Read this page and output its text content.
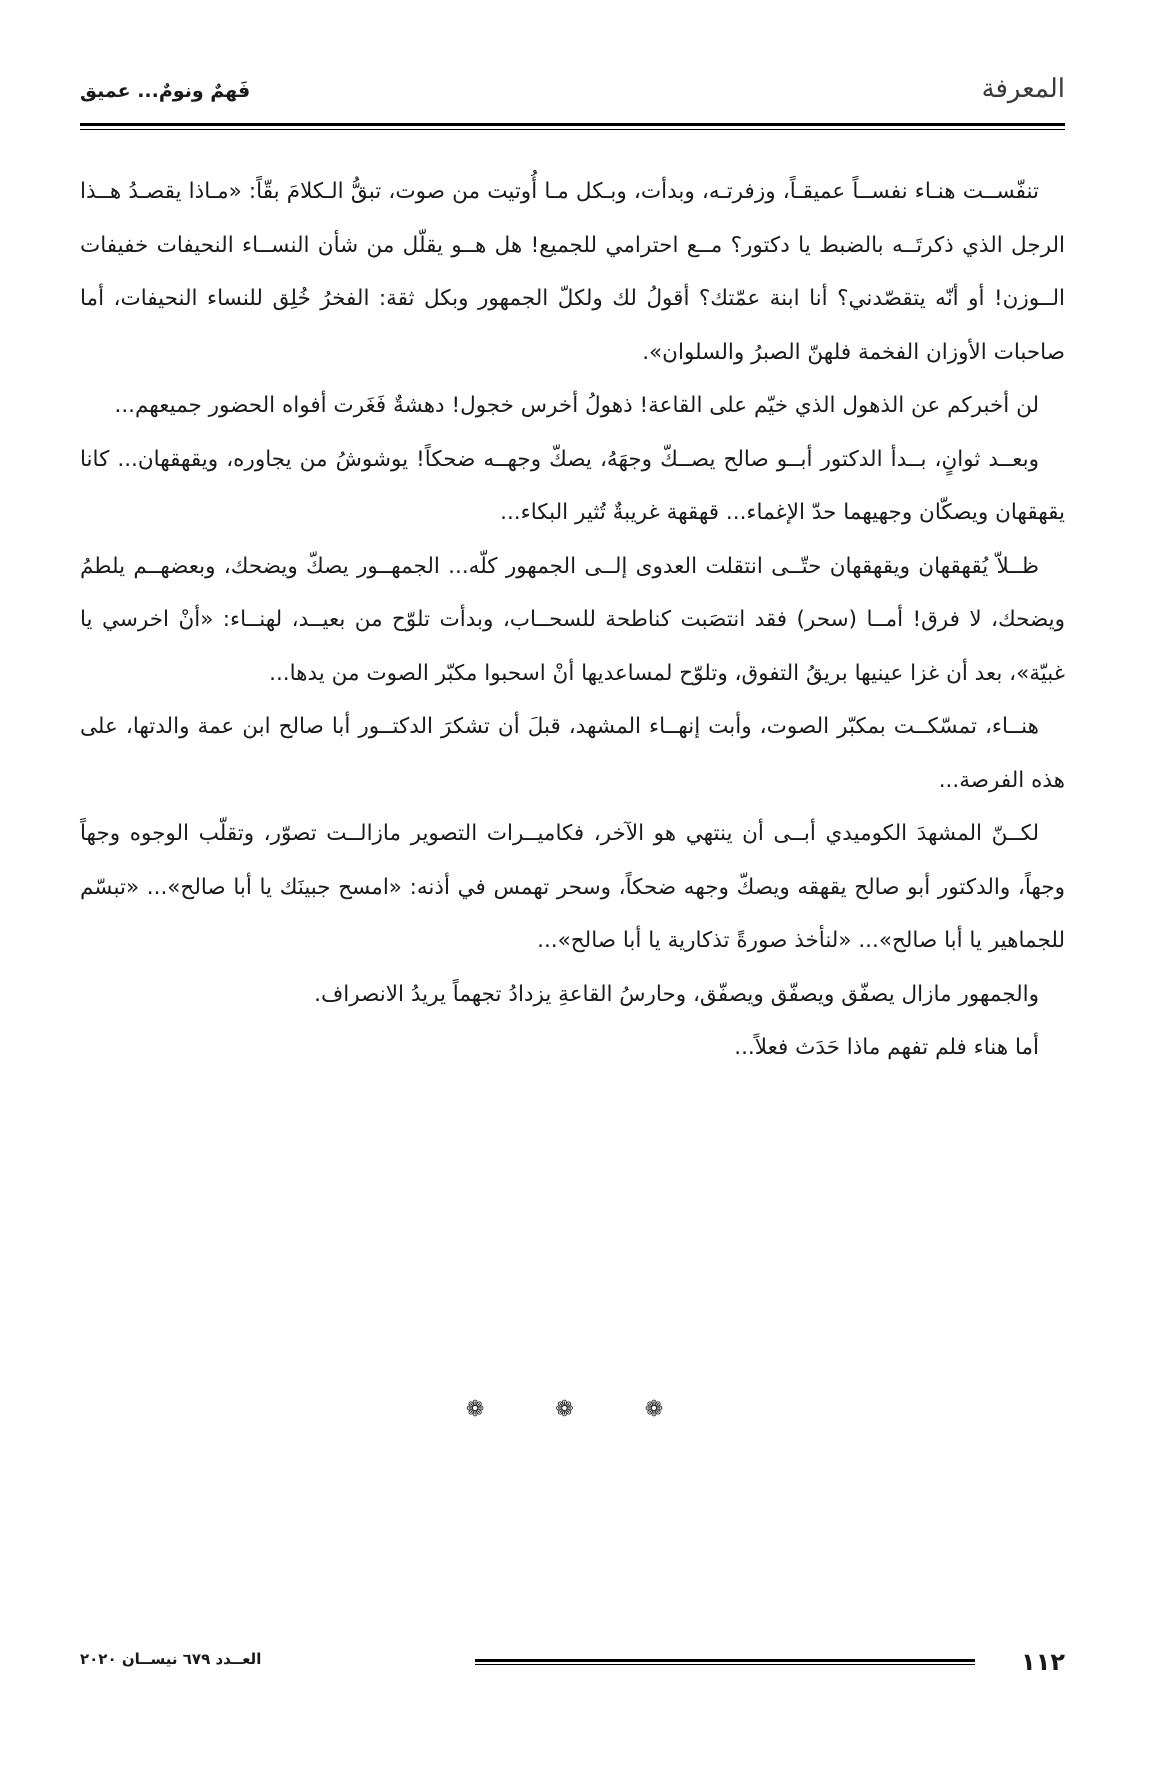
المعرفة
فَهمٌ ونومٌ... عميق

تنفّســت هنـاء نفســاً عميقـاً، وزفرتـه، وبدأت، وبـكل مـا أُوتيت من صوت، تبقُّ الـكلامَ بقّاً: «مـاذا يقصـدُ هــذا الرجل الذي ذكرتَــه بالضبط يا دكتور؟ مــع احترامي للجميع! هل هــو يقلّل من شأن النســاء النحيفات خفيفات الــوزن! أو أنّه يتقصّدني؟ أنا ابنة عمّتك؟ أقولُ لك ولكلّ الجمهور وبكل ثقة: الفخرُ خُلِق للنساء النحيفات، أما صاحبات الأوزان الفخمة فلهنّ الصبرُ والسلوان».

لن أخبركم عن الذهول الذي خيّم على القاعة! ذهولُ أخرس خجول! دهشةٌ فَغَرت أفواه الحضور جميعهم...

وبعــد ثوانٍ، بــدأ الدكتور أبــو صالح يصــكّ وجهَهُ، يصكّ وجهــه ضحكاً! يوشوشُ من يجاوره، ويقهقهان... كانا يقهقهان ويصكّان وجهيهما حدّ الإغماء... قهقهة غريبةٌ تُثير البكاء...

ظــلاّ يُقهقهان ويقهقهان حتّــى انتقلت العدوى إلــى الجمهور كلّه... الجمهــور يصكّ ويضحك، وبعضهــم يلطمُ ويضحك، لا فرق! أمــا (سحر) فقد انتصَبت كناطحة للسحــاب، وبدأت تلوّح من بعيــد، لهنــاء: «أنْ اخرسي يا غبيّة»، بعد أن غزا عينيها بريقُ التفوق، وتلوّح لمساعديها أنْ اسحبوا مكبّر الصوت من يدها...

هنــاء، تمسّكــت بمكبّر الصوت، وأبت إنهــاء المشهد، قبلَ أن تشكرَ الدكتــور أبا صالح ابن عمة والدتها، على هذه الفرصة...

لكــنّ المشهدَ الكوميدي أبــى أن ينتهي هو الآخر، فكاميــرات التصوير مازالــت تصوّر، وتقلّب الوجوه وجهاً وجهاً، والدكتور أبو صالح يقهقه ويصكّ وجهه ضحكاً، وسحر تهمس في أذنه: «امسح جبينَك يا أبا صالح»... «تبسّم للجماهير يا أبا صالح»... «لنأخذ صورةً تذكارية يا أبا صالح»...

والجمهور مازال يصفّق ويصفّق ويصفّق، وحارسُ القاعةِ يزدادُ تجهماً يريدُ الانصراف.

أما هناء فلم تفهم ماذا حَدَث فعلاً...

❁ ❁ ❁
١١٢
العــدد ٦٧٩ نيســان ٢٠٢٠
